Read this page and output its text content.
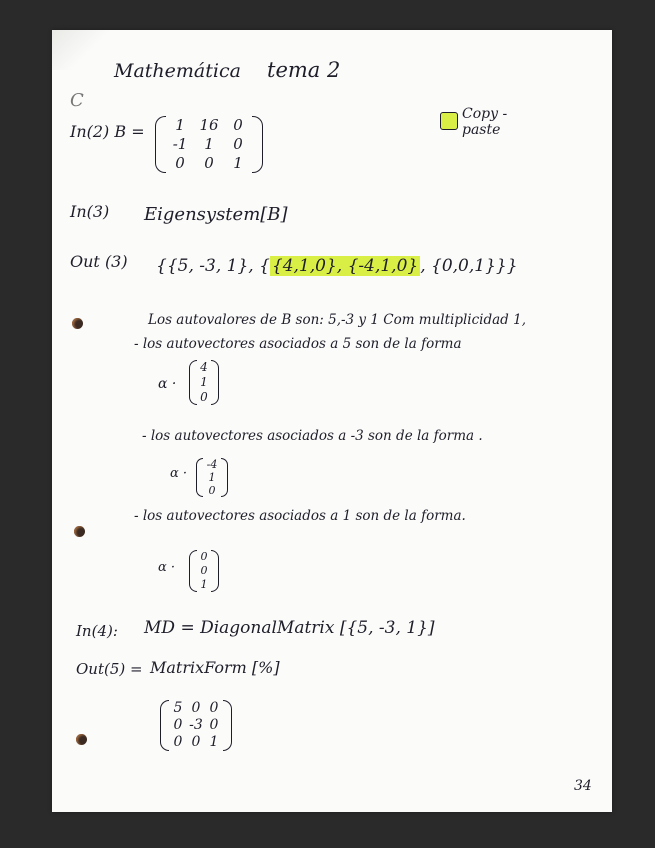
Mathemática tema 2
C
Copy -
paste
In(2) B =	1 16 0
-1	1	0
0	0	1
In(3) Eigensystem[B]
Out (3) {{5, -3, 1}, { {4,1,0}, {-4,1,0} , {0,0,1}}}
Los autovalores de B son: 5,-3 y 1 Com multiplicidad 1,
- los autovectores asociados a 5 son de la forma
α ·
4
1
0
- los autovectores asociados a -3 son de la forma .
α ·
-4
1
0
- los autovectores asociados a 1 son de la forma.
α ·
0
0
1
In(4): MD = DiagonalMatrix [{5, -3, 1}]
Out(5) = MatrixForm [%]
5 0 0
0 -3 0
0 0 1
34
